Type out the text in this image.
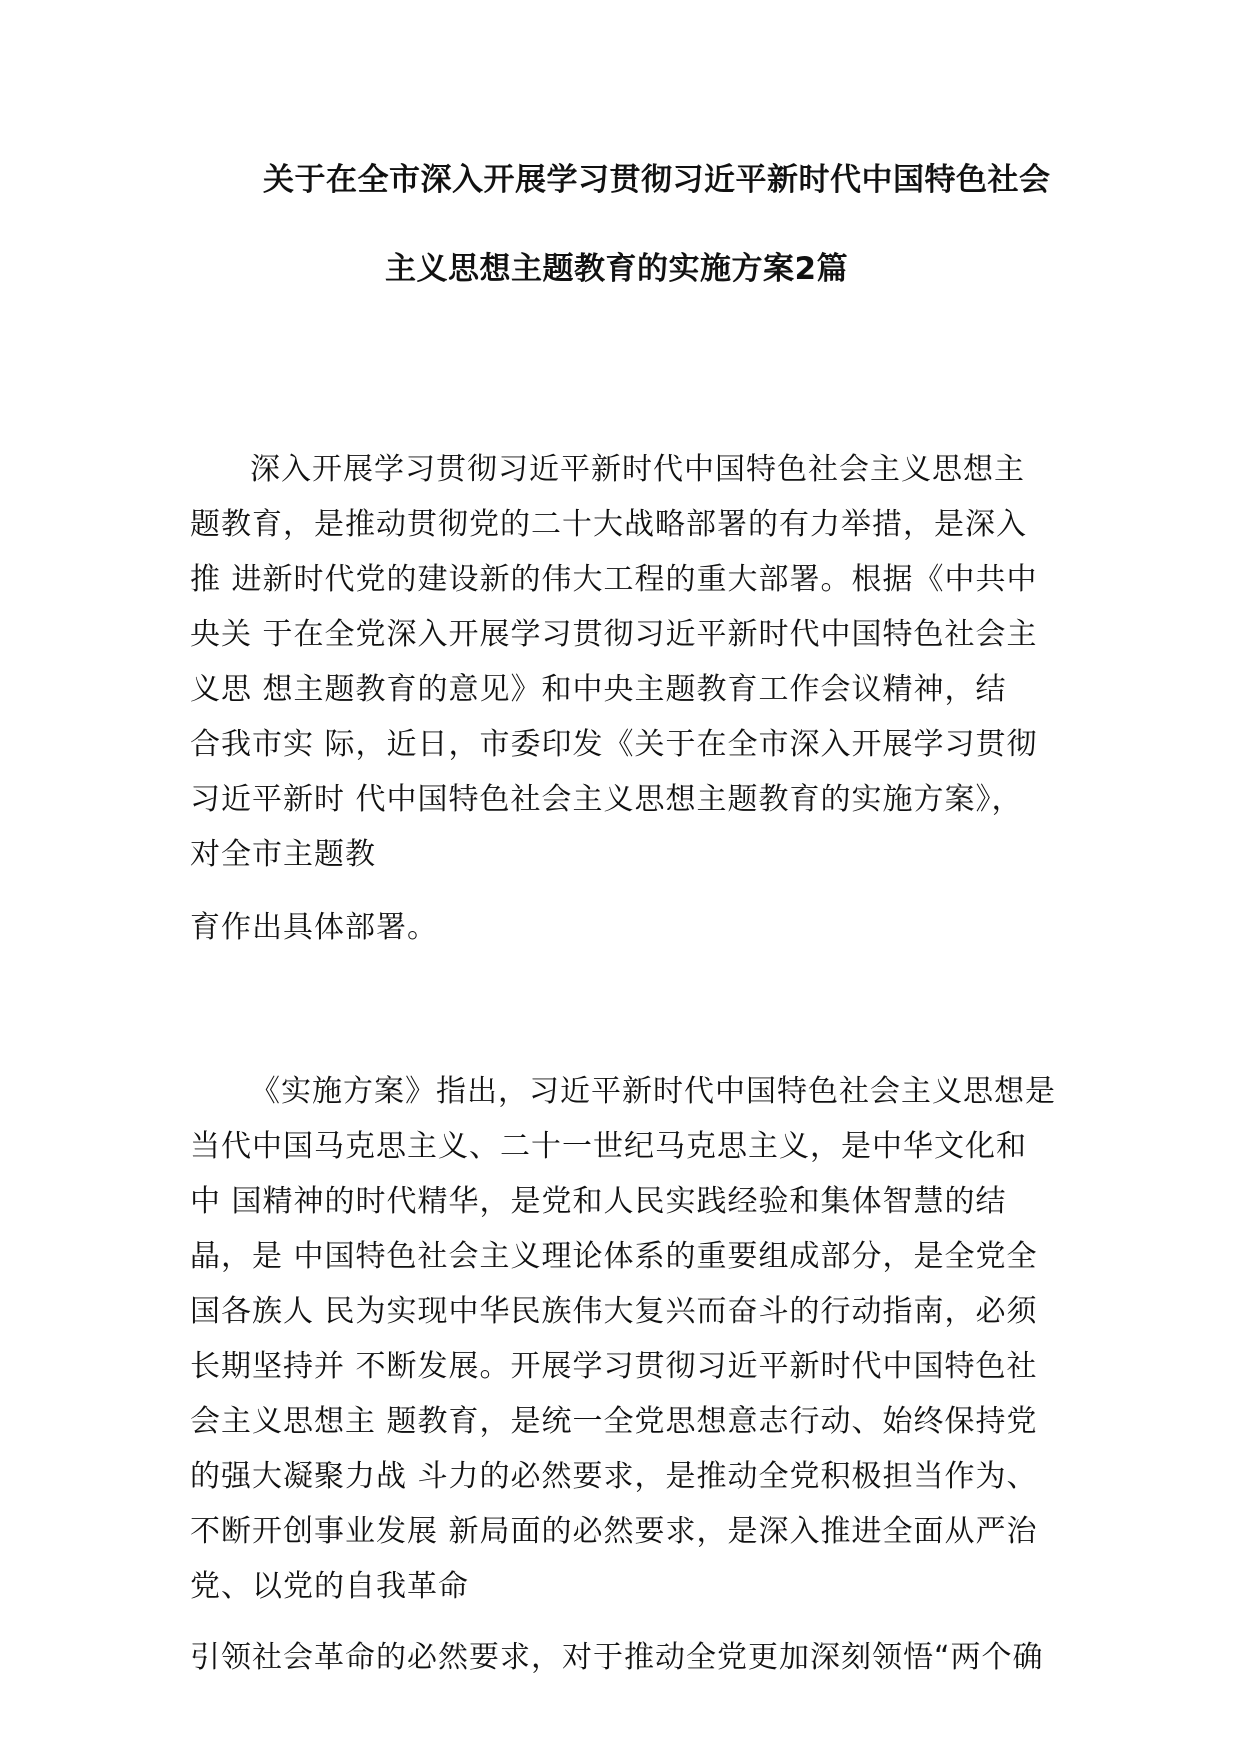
关于在全市深入开展学习贯彻习近平新时代中国特色社会
主义思想主题教育的实施方案2篇
深入开展学习贯彻习近平新时代中国特色社会主义思想主
题教育，是推动贯彻党的二十大战略部署的有力举措，是深入
推 进新时代党的建设新的伟大工程的重大部署。根据《中共中
央关 于在全党深入开展学习贯彻习近平新时代中国特色社会主
义思 想主题教育的意见》和中央主题教育工作会议精神，结
合我市实 际，近日，市委印发《关于在全市深入开展学习贯彻
习近平新时 代中国特色社会主义思想主题教育的实施方案》，
对全市主题教
育作出具体部署。
《实施方案》指出，习近平新时代中国特色社会主义思想是
当代中国马克思主义、二十一世纪马克思主义，是中华文化和
中 国精神的时代精华，是党和人民实践经验和集体智慧的结
晶，是 中国特色社会主义理论体系的重要组成部分，是全党全
国各族人 民为实现中华民族伟大复兴而奋斗的行动指南，必须
长期坚持并 不断发展。开展学习贯彻习近平新时代中国特色社
会主义思想主 题教育，是统一全党思想意志行动、始终保持党
的强大凝聚力战 斗力的必然要求，是推动全党积极担当作为、
不断开创事业发展 新局面的必然要求，是深入推进全面从严治
党、以党的自我革命
引领社会革命的必然要求，对于推动全党更加深刻领悟“两个确
